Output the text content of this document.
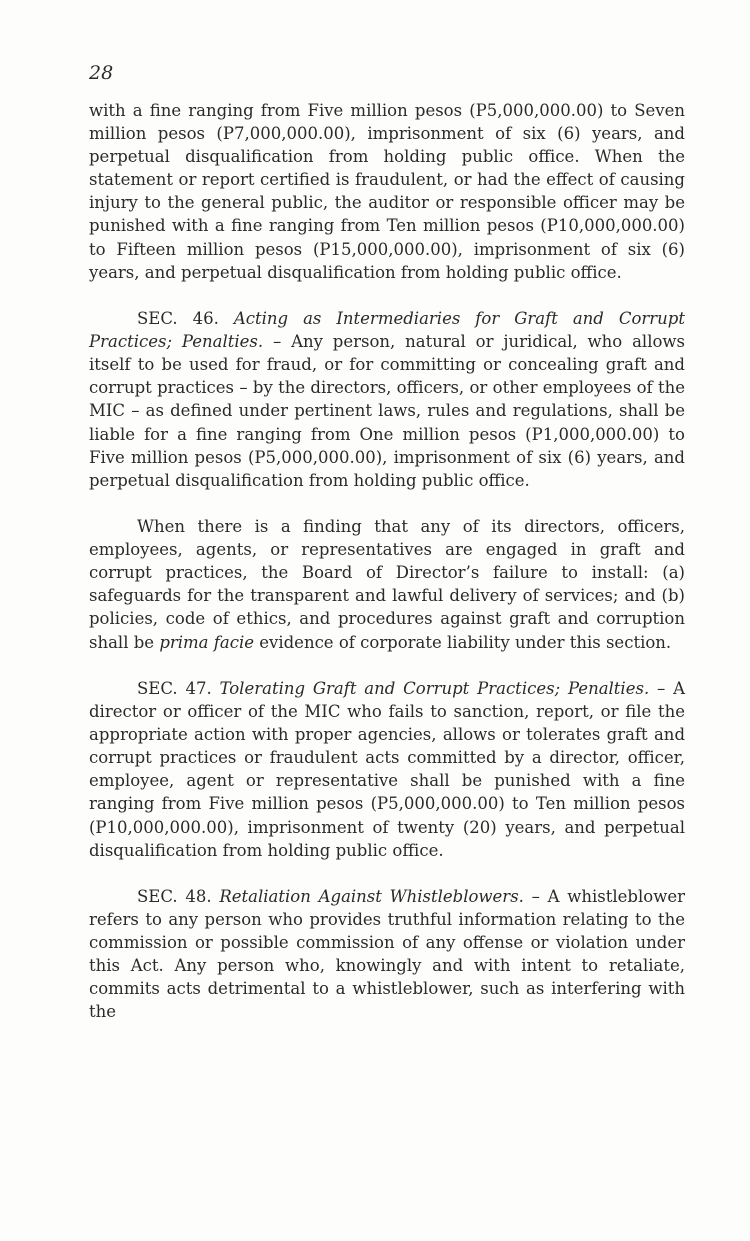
28

with a fine ranging from Five million pesos (P5,000,000.00) to Seven million pesos (P7,000,000.00), imprisonment of six (6) years, and perpetual disqualification from holding public office. When the statement or report certified is fraudulent, or had the effect of causing injury to the general public, the auditor or responsible officer may be punished with a fine ranging from Ten million pesos (P10,000,000.00) to Fifteen million pesos (P15,000,000.00), imprisonment of six (6) years, and perpetual disqualification from holding public office.

SEC. 46. Acting as Intermediaries for Graft and Corrupt Practices; Penalties. – Any person, natural or juridical, who allows itself to be used for fraud, or for committing or concealing graft and corrupt practices – by the directors, officers, or other employees of the MIC – as defined under pertinent laws, rules and regulations, shall be liable for a fine ranging from One million pesos (P1,000,000.00) to Five million pesos (P5,000,000.00), imprisonment of six (6) years, and perpetual disqualification from holding public office.

When there is a finding that any of its directors, officers, employees, agents, or representatives are engaged in graft and corrupt practices, the Board of Director’s failure to install: (a) safeguards for the transparent and lawful delivery of services; and (b) policies, code of ethics, and procedures against graft and corruption shall be prima facie evidence of corporate liability under this section.

SEC. 47. Tolerating Graft and Corrupt Practices; Penalties. – A director or officer of the MIC who fails to sanction, report, or file the appropriate action with proper agencies, allows or tolerates graft and corrupt practices or fraudulent acts committed by a director, officer, employee, agent or representative shall be punished with a fine ranging from Five million pesos (P5,000,000.00) to Ten million pesos (P10,000,000.00), imprisonment of twenty (20) years, and perpetual disqualification from holding public office.

SEC. 48. Retaliation Against Whistleblowers. – A whistleblower refers to any person who provides truthful information relating to the commission or possible commission of any offense or violation under this Act. Any person who, knowingly and with intent to retaliate, commits acts detrimental to a whistleblower, such as interfering with the
